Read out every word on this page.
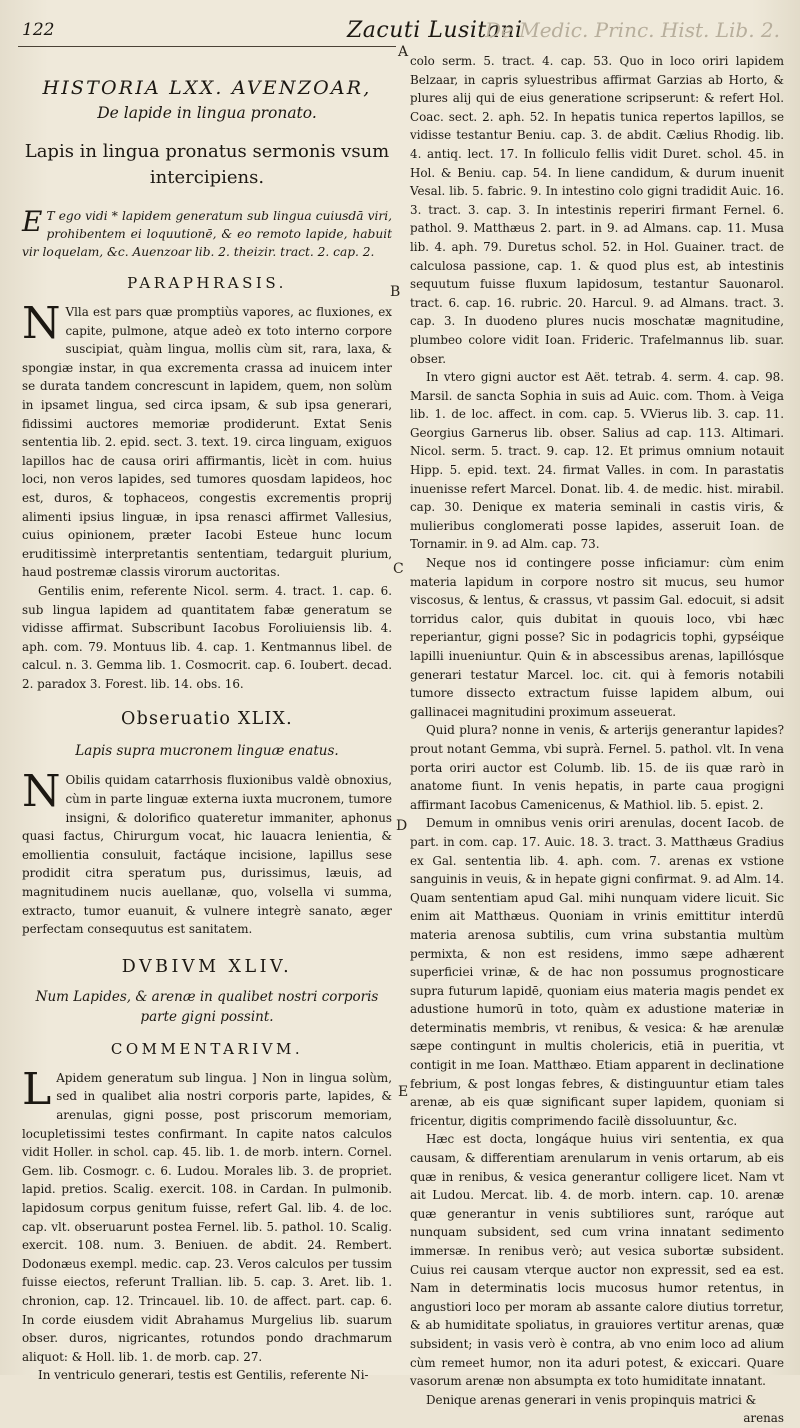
122	Zacuti Lusitani
De Medic. Princ. Hist. Lib. 2.
A
B
C
D
E
HISTORIA LXX. AVENZOAR,
De lapide in lingua pronato.
Lapis in lingua pronatus sermonis vsum intercipiens.

E T ego vidi * lapidem generatum sub lingua cuiusdā viri, prohibentem ei loquutionē, & eo remoto lapide, habuit vir loquelam, &c. Auenzoar lib. 2. theizir. tract. 2. cap. 2.

PARAPHRASIS.

N Vlla est pars quæ promptiùs vapores, ac fluxiones, ex capite, pulmone, atque adeò ex toto interno corpore suscipiat, quàm lingua, mollis cùm sit, rara, laxa, & spongiæ instar, in qua excrementa crassa ad inuicem inter se durata tandem concrescunt in lapidem, quem, non solùm in ipsamet lingua, sed circa ipsam, & sub ipsa generari, fidissimi auctores memoriæ prodiderunt. Extat Senis sententia lib. 2. epid. sect. 3. text. 19. circa linguam, exiguos lapillos hac de causa oriri affirmantis, licèt in com. huius loci, non veros lapides, sed tumores quosdam lapideos, hoc est, duros, & tophaceos, congestis excrementis proprij alimenti ipsius linguæ, in ipsa renasci affirmet Vallesius, cuius opinionem, præter Iacobi Esteue hunc locum eruditissimè interpretantis sententiam, tedarguit plurium, haud postremæ classis virorum auctoritas.

Gentilis enim, referente Nicol. serm. 4. tract. 1. cap. 6. sub lingua lapidem ad quantitatem fabæ generatum se vidisse affirmat. Subscribunt Iacobus Foroliuiensis lib. 4. aph. com. 79. Montuus lib. 4. cap. 1. Kentmannus libel. de calcul. n. 3. Gemma lib. 1. Cosmocrit. cap. 6. Ioubert. decad. 2. paradox 3. Forest. lib. 14. obs. 16.

Obseruatio XLIX.
Lapis supra mucronem linguæ enatus.

N Obilis quidam catarrhosis fluxionibus valdè obnoxius, cùm in parte linguæ externa iuxta mucronem, tumore insigni, & dolorifico quateretur immaniter, aphonus quasi factus, Chirurgum vocat, hic lauacra lenientia, & emollientia consuluit, factáque incisione, lapillus sese prodidit citra speratum pus, durissimus, læuis, ad magnitudinem nucis auellanæ, quo, volsella vi summa, extracto, tumor euanuit, & vulnere integrè sanato, æger perfectam consequutus est sanitatem.

DVBIVM XLIV.
Num Lapides, & arenæ in qualibet nostri corporis parte gigni possint.
COMMENTARIVM.

L Apidem generatum sub lingua. ] Non in lingua solùm, sed in qualibet alia nostri corporis parte, lapides, & arenulas, gigni posse, post priscorum memoriam, locupletissimi testes confirmant. In capite natos calculos vidit Holler. in schol. cap. 45. lib. 1. de morb. intern. Cornel. Gem. lib. Cosmogr. c. 6. Ludou. Morales lib. 3. de propriet. lapid. pretios. Scalig. exercit. 108. in Cardan. In pulmonib. lapidosum corpus genitum fuisse, refert Gal. lib. 4. de loc. cap. vlt. obseruarunt postea Fernel. lib. 5. pathol. 10. Scalig. exercit. 108. num. 3. Beniuen. de abdit. 24. Rembert. Dodonæus exempl. medic. cap. 23. Veros calculos per tussim fuisse eiectos, referunt Trallian. lib. 5. cap. 3. Aret. lib. 1. chronion, cap. 12. Trincauel. lib. 10. de affect. part. cap. 6. In corde eiusdem vidit Abrahamus Murgelius lib. suarum obser. duros, nigricantes, rotundos pondo drachmarum aliquot: & Holl. lib. 1. de morb. cap. 27.

In ventriculo generari, testis est Gentilis, referente Ni-

colo serm. 5. tract. 4. cap. 53. Quo in loco oriri lapidem Belzaar, in capris syluestribus affirmat Garzias ab Horto, & plures alij qui de eius generatione scripserunt: & refert Hol. Coac. sect. 2. aph. 52. In hepatis tunica repertos lapillos, se vidisse testantur Beniu. cap. 3. de abdit. Cælius Rhodig. lib. 4. antiq. lect. 17. In folliculo fellis vidit Duret. schol. 45. in Hol. & Beniu. cap. 54. In liene candidum, & durum inuenit Vesal. lib. 5. fabric. 9. In intestino colo gigni tradidit Auic. 16. 3. tract. 3. cap. 3. In intestinis reperiri firmant Fernel. 6. pathol. 9. Matthæus 2. part. in 9. ad Almans. cap. 11. Musa lib. 4. aph. 79. Duretus schol. 52. in Hol. Guainer. tract. de calculosa passione, cap. 1. & quod plus est, ab intestinis sequutum fuisse fluxum lapidosum, testantur Sauonarol. tract. 6. cap. 16. rubric. 20. Harcul. 9. ad Almans. tract. 3. cap. 3. In duodeno plures nucis moschatæ magnitudine, plumbeo colore vidit Ioan. Frideric. Trafelmannus lib. suar. obser.

In vtero gigni auctor est Aët. tetrab. 4. serm. 4. cap. 98. Marsil. de sancta Sophia in suis ad Auic. com. Thom. à Veiga lib. 1. de loc. affect. in com. cap. 5. VVierus lib. 3. cap. 11. Georgius Garnerus lib. obser. Salius ad cap. 113. Altimari. Nicol. serm. 5. tract. 9. cap. 12. Et primus omnium notauit Hipp. 5. epid. text. 24. firmat Valles. in com. In parastatis inuenisse refert Marcel. Donat. lib. 4. de medic. hist. mirabil. cap. 30. Denique ex materia seminali in castis viris, & mulieribus conglomerati posse lapides, asseruit Ioan. de Tornamir. in 9. ad Alm. cap. 73.

Neque nos id contingere posse inficiamur: cùm enim materia lapidum in corpore nostro sit mucus, seu humor viscosus, & lentus, & crassus, vt passim Gal. edocuit, si adsit torridus calor, quis dubitat in quouis loco, vbi hæc reperiantur, gigni posse? Sic in podagricis tophi, gypséique lapilli inueniuntur. Quin & in abscessibus arenas, lapillósque generari testatur Marcel. loc. cit. qui à femoris notabili tumore dissecto extractum fuisse lapidem album, oui gallinacei magnitudini proximum asseuerat.

Quid plura? nonne in venis, & arterijs generantur lapides? prout notant Gemma, vbi suprà. Fernel. 5. pathol. vlt. In vena porta oriri auctor est Columb. lib. 15. de iis quæ rarò in anatome fiunt. In venis hepatis, in parte caua progigni affirmant Iacobus Camenicenus, & Mathiol. lib. 5. epist. 2.

Demum in omnibus venis oriri arenulas, docent Iacob. de part. in com. cap. 17. Auic. 18. 3. tract. 3. Matthæus Gradius ex Gal. sententia lib. 4. aph. com. 7. arenas ex vstione sanguinis in veuis, & in hepate gigni confirmat. 9. ad Alm. 14. Quam sententiam apud Gal. mihi nunquam videre licuit. Sic enim ait Matthæus. Quoniam in vrinis emittitur interdū materia arenosa subtilis, cum vrina substantia multùm permixta, & non est residens, immo sæpe adhærent superficiei vrinæ, & de hac non possumus prognosticare supra futurum lapidē, quoniam eius materia magis pendet ex adustione humorū in toto, quàm ex adustione materiæ in determinatis membris, vt renibus, & vesica: & hæ arenulæ sæpe contingunt in multis cholericis, etiā in pueritia, vt contigit in me Ioan. Matthæo. Etiam apparent in declinatione febrium, & post longas febres, & distinguuntur etiam tales arenæ, ab eis quæ significant super lapidem, quoniam si fricentur, digitis comprimendo facilè dissoluuntur, &c.

Hæc est docta, longáque huius viri sententia, ex qua causam, & differentiam arenularum in venis ortarum, ab eis quæ in renibus, & vesica generantur colligere licet. Nam vt ait Ludou. Mercat. lib. 4. de morb. intern. cap. 10. arenæ quæ generantur in venis subtiliores sunt, raróque aut nunquam subsident, sed cum vrina innatant sedimento immersæ. In renibus verò; aut vesica subortæ subsident. Cuius rei causam vterque auctor non expressit, sed ea est. Nam in determinatis locis mucosus humor retentus, in angustiori loco per moram ab assante calore diutius torretur, & ab humiditate spoliatus, in grauiores vertitur arenas, quæ subsident; in vasis verò è contra, ab vno enim loco ad alium cùm remeet humor, non ita aduri potest, & exiccari. Quare vasorum arenæ non absumpta ex toto humiditate innatant.

Denique arenas generari in venis propinquis matrici &

arenas
